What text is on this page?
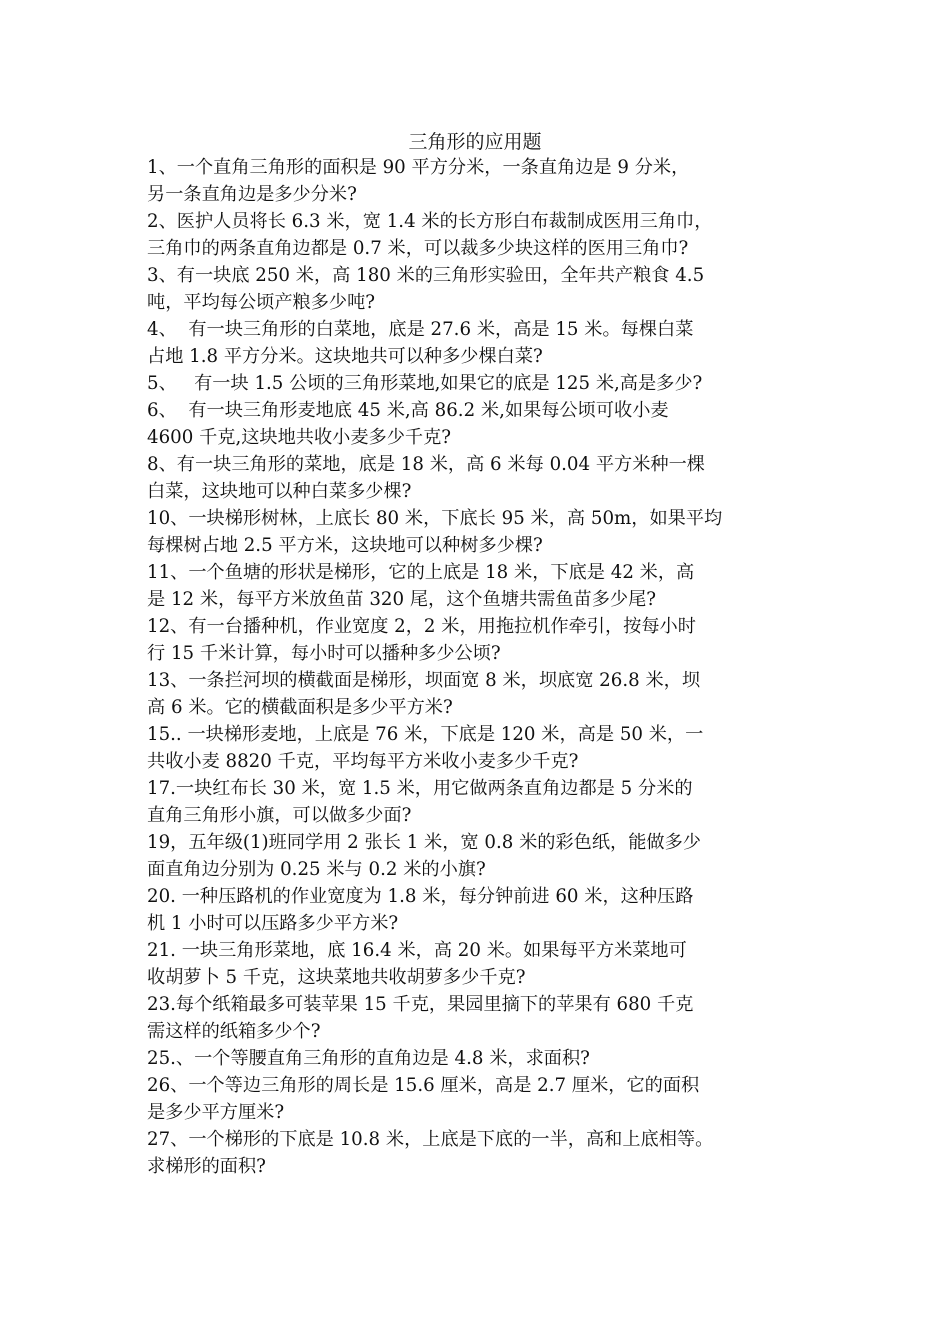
三角形的应用题
1、一个直角三角形的面积是 90 平方分米，一条直角边是 9 分米，
另一条直角边是多少分米?
2、医护人员将长 6.3 米，宽 1.4 米的长方形白布裁制成医用三角巾，
三角巾的两条直角边都是 0.7 米，可以裁多少块这样的医用三角巾?
3、有一块底 250 米，高 180 米的三角形实验田，全年共产粮食 4.5
吨，平均每公顷产粮多少吨?
4、  有一块三角形的白菜地，底是 27.6 米，高是 15 米。每棵白菜
占地 1.8 平方分米。这块地共可以种多少棵白菜?
5、   有一块 1.5 公顷的三角形菜地,如果它的底是 125 米,高是多少?
6、  有一块三角形麦地底 45 米,高 86.2 米,如果每公顷可收小麦
4600 千克,这块地共收小麦多少千克?
8、有一块三角形的菜地，底是 18 米，高 6 米每 0.04 平方米种一棵
白菜，这块地可以种白菜多少棵?
10、一块梯形树林，上底长 80 米，下底长 95 米，高 50m，如果平均
每棵树占地 2.5 平方米，这块地可以种树多少棵?
11、一个鱼塘的形状是梯形，它的上底是 18 米，下底是 42 米，高
是 12 米，每平方米放鱼苗 320 尾，这个鱼塘共需鱼苗多少尾?
12、有一台播种机，作业宽度 2，2 米，用拖拉机作牵引，按每小时
行 15 千米计算，每小时可以播种多少公顷?
13、一条拦河坝的横截面是梯形，坝面宽 8 米，坝底宽 26.8 米，坝
高 6 米。它的横截面积是多少平方米?
15.. 一块梯形麦地，上底是 76 米，下底是 120 米，高是 50 米，一
共收小麦 8820 千克，平均每平方米收小麦多少千克?
17.一块红布长 30 米，宽 1.5 米，用它做两条直角边都是 5 分米的
直角三角形小旗，可以做多少面?
19，五年级(1)班同学用 2 张长 1 米，宽 0.8 米的彩色纸，能做多少
面直角边分别为 0.25 米与 0.2 米的小旗?
20. 一种压路机的作业宽度为 1.8 米，每分钟前进 60 米，这种压路
机 1 小时可以压路多少平方米?
21. 一块三角形菜地，底 16.4 米，高 20 米。如果每平方米菜地可
收胡萝卜 5 千克，这块菜地共收胡萝多少千克?
23.每个纸箱最多可装苹果 15 千克，果园里摘下的苹果有 680 千克
需这样的纸箱多少个?
25.、一个等腰直角三角形的直角边是 4.8 米，求面积?
26、一个等边三角形的周长是 15.6 厘米，高是 2.7 厘米，它的面积
是多少平方厘米?
27、一个梯形的下底是 10.8 米，上底是下底的一半，高和上底相等。
求梯形的面积?
